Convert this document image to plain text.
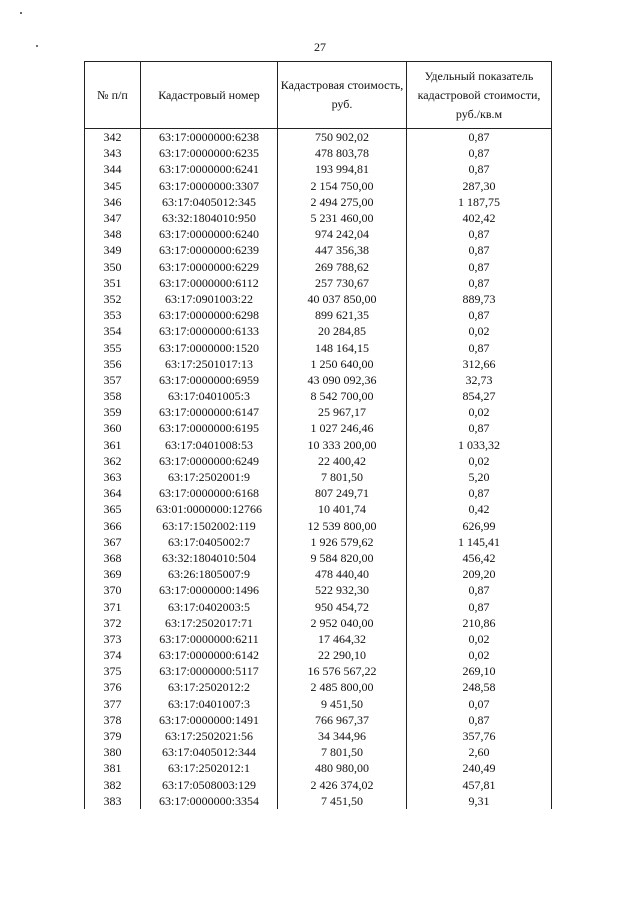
27
№ п/п	Кадастровый номер	Кадастровая стоимость, руб.	Удельный показатель кадастровой стоимости, руб./кв.м
342	63:17:0000000:6238	750 902,02	0,87
343	63:17:0000000:6235	478 803,78	0,87
344	63:17:0000000:6241	193 994,81	0,87
345	63:17:0000000:3307	2 154 750,00	287,30
346	63:17:0405012:345	2 494 275,00	1 187,75
347	63:32:1804010:950	5 231 460,00	402,42
348	63:17:0000000:6240	974 242,04	0,87
349	63:17:0000000:6239	447 356,38	0,87
350	63:17:0000000:6229	269 788,62	0,87
351	63:17:0000000:6112	257 730,67	0,87
352	63:17:0901003:22	40 037 850,00	889,73
353	63:17:0000000:6298	899 621,35	0,87
354	63:17:0000000:6133	20 284,85	0,02
355	63:17:0000000:1520	148 164,15	0,87
356	63:17:2501017:13	1 250 640,00	312,66
357	63:17:0000000:6959	43 090 092,36	32,73
358	63:17:0401005:3	8 542 700,00	854,27
359	63:17:0000000:6147	25 967,17	0,02
360	63:17:0000000:6195	1 027 246,46	0,87
361	63:17:0401008:53	10 333 200,00	1 033,32
362	63:17:0000000:6249	22 400,42	0,02
363	63:17:2502001:9	7 801,50	5,20
364	63:17:0000000:6168	807 249,71	0,87
365	63:01:0000000:12766	10 401,74	0,42
366	63:17:1502002:119	12 539 800,00	626,99
367	63:17:0405002:7	1 926 579,62	1 145,41
368	63:32:1804010:504	9 584 820,00	456,42
369	63:26:1805007:9	478 440,40	209,20
370	63:17:0000000:1496	522 932,30	0,87
371	63:17:0402003:5	950 454,72	0,87
372	63:17:2502017:71	2 952 040,00	210,86
373	63:17:0000000:6211	17 464,32	0,02
374	63:17:0000000:6142	22 290,10	0,02
375	63:17:0000000:5117	16 576 567,22	269,10
376	63:17:2502012:2	2 485 800,00	248,58
377	63:17:0401007:3	9 451,50	0,07
378	63:17:0000000:1491	766 967,37	0,87
379	63:17:2502021:56	34 344,96	357,76
380	63:17:0405012:344	7 801,50	2,60
381	63:17:2502012:1	480 980,00	240,49
382	63:17:0508003:129	2 426 374,02	457,81
383	63:17:0000000:3354	7 451,50	9,31
